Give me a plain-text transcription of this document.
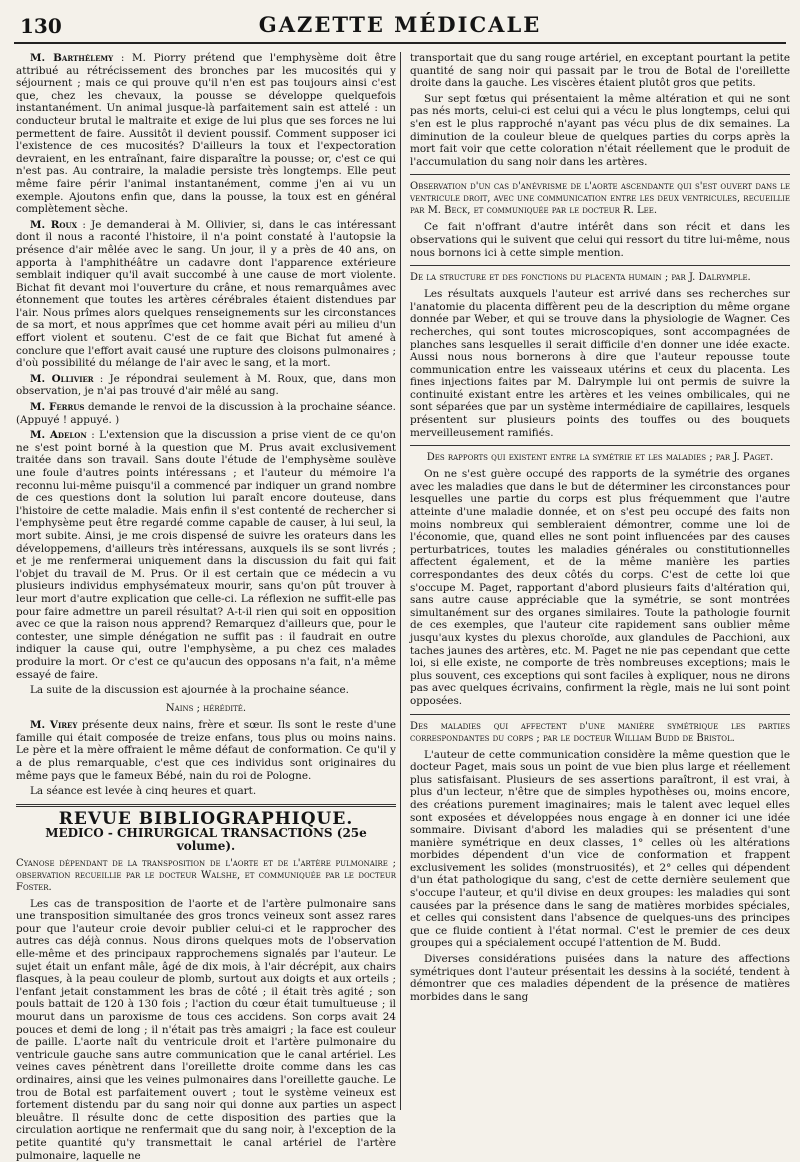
130	GAZETTE MÉDICALE

M. Barthélemy : M. Piorry prétend que l'emphysème doit être attribué au rétrécissement des bronches par les mucosités qui y séjournent ; mais ce qui prouve qu'il n'en est pas toujours ainsi c'est que, chez les chevaux, la pousse se développe quelquefois instantanément. Un animal jusque-là parfaitement sain est attelé : un conducteur brutal le maltraite et exige de lui plus que ses forces ne lui permettent de faire. Aussitôt il devient poussif. Comment supposer ici l'existence de ces mucosités? D'ailleurs la toux et l'expectoration devraient, en les entraînant, faire disparaître la pousse; or, c'est ce qui n'est pas. Au contraire, la maladie persiste très longtemps. Elle peut même faire périr l'animal instantanément, comme j'en ai vu un exemple. Ajoutons enfin que, dans la pousse, la toux est en général complètement sèche.

M. Roux : Je demanderai à M. Ollivier, si, dans le cas intéressant dont il nous a raconté l'histoire, il n'a point constaté à l'autopsie la présence d'air mêlée avec le sang. Un jour, il y a près de 40 ans, on apporta à l'amphithéâtre un cadavre dont l'apparence extérieure semblait indiquer qu'il avait succombé à une cause de mort violente. Bichat fit devant moi l'ouverture du crâne, et nous remarquâmes avec étonnement que toutes les artères cérébrales étaient distendues par l'air. Nous prîmes alors quelques renseignements sur les circonstances de sa mort, et nous apprîmes que cet homme avait péri au milieu d'un effort violent et soutenu. C'est de ce fait que Bichat fut amené à conclure que l'effort avait causé une rupture des cloisons pulmonaires ; d'où possibilité du mélange de l'air avec le sang, et la mort.

M. Ollivier : Je répondrai seulement à M. Roux, que, dans mon observation, je n'ai pas trouvé d'air mêlé au sang.

M. Ferrus demande le renvoi de la discussion à la prochaine séance. (Appuyé ! appuyé. )

M. Adelon : L'extension que la discussion a prise vient de ce qu'on ne s'est point borné à la question que M. Prus avait exclusivement traitée dans son travail. Sans doute l'étude de l'emphysème soulève une foule d'autres points intéressans ; et l'auteur du mémoire l'a reconnu lui-même puisqu'il a commencé par indiquer un grand nombre de ces questions dont la solution lui paraît encore douteuse, dans l'histoire de cette maladie. Mais enfin il s'est contenté de rechercher si l'emphysème peut être regardé comme capable de causer, à lui seul, la mort subite. Ainsi, je me crois dispensé de suivre les orateurs dans les développemens, d'ailleurs très intéressans, auxquels ils se sont livrés ; et je me renfermerai uniquement dans la discussion du fait qui fait l'objet du travail de M. Prus. Or il est certain que ce médecin a vu plusieurs individus emphysémateux mourir, sans qu'on pût trouver à leur mort d'autre explication que celle-ci. La réflexion ne suffit-elle pas pour faire admettre un pareil résultat? A-t-il rien qui soit en opposition avec ce que la raison nous apprend? Remarquez d'ailleurs que, pour le contester, une simple dénégation ne suffit pas : il faudrait en outre indiquer la cause qui, outre l'emphysème, a pu chez ces malades produire la mort. Or c'est ce qu'aucun des opposans n'a fait, n'a même essayé de faire.

La suite de la discussion est ajournée à la prochaine séance.

Nains ; hérédité.

M. Virey présente deux nains, frère et sœur. Ils sont le reste d'une famille qui était composée de treize enfans, tous plus ou moins nains. Le père et la mère offraient le même défaut de conformation. Ce qu'il y a de plus remarquable, c'est que ces individus sont originaires du même pays que le fameux Bébé, nain du roi de Pologne.

La séance est levée à cinq heures et quart.

REVUE BIBLIOGRAPHIQUE.

MEDICO - CHIRURGICAL TRANSACTIONS (25e volume).

Cyanose dépendant de la transposition de l'aorte et de l'artère pulmonaire ; observation recueillie par le docteur Walshe, et communiquée par le docteur Foster.

Les cas de transposition de l'aorte et de l'artère pulmonaire sans une transposition simultanée des gros troncs veineux sont assez rares pour que l'auteur croie devoir publier celui-ci et le rapprocher des autres cas déjà connus. Nous dirons quelques mots de l'observation elle-même et des principaux rapprochemens signalés par l'auteur. Le sujet était un enfant mâle, âgé de dix mois, à l'air décrépit, aux chairs flasques, à la peau couleur de plomb, surtout aux doigts et aux orteils ; l'enfant jetait constamment les bras de côté ; il était très agité ; son pouls battait de 120 à 130 fois ; l'action du cœur était tumultueuse ; il mourut dans un paroxisme de tous ces accidens. Son corps avait 24 pouces et demi de long ; il n'était pas très amaigri ; la face est couleur de paille. L'aorte naît du ventricule droit et l'artère pulmonaire du ventricule gauche sans autre communication que le canal artériel. Les veines caves pénètrent dans l'oreillette droite comme dans les cas ordinaires, ainsi que les veines pulmonaires dans l'oreillette gauche. Le trou de Botal est parfaitement ouvert ; tout le système veineux est fortement distendu par du sang noir qui donne aux parties un aspect bleuâtre. Il résulte donc de cette disposition des parties que la circulation aortique ne renfermait que du sang noir, à l'exception de la petite quantité qu'y transmettait le canal artériel de l'artère pulmonaire, laquelle ne

transportait que du sang rouge artériel, en exceptant pourtant la petite quantité de sang noir qui passait par le trou de Botal de l'oreillette droite dans la gauche. Les viscères étaient plutôt gros que petits.

Sur sept fœtus qui présentaient la même altération et qui ne sont pas nés morts, celui-ci est celui qui a vécu le plus longtemps, celui qui s'en est le plus rapproché n'ayant pas vécu plus de dix semaines. La diminution de la couleur bleue de quelques parties du corps après la mort fait voir que cette coloration n'était réellement que le produit de l'accumulation du sang noir dans les artères.

Observation d'un cas d'anévrisme de l'aorte ascendante qui s'est ouvert dans le ventricule droit, avec une communication entre les deux ventricules, recueillie par M. Beck, et communiquée par le docteur R. Lee.

Ce fait n'offrant d'autre intérêt dans son récit et dans les observations qui le suivent que celui qui ressort du titre lui-même, nous nous bornons ici à cette simple mention.

De la structure et des fonctions du placenta humain ; par J. Dalrymple.

Les résultats auxquels l'auteur est arrivé dans ses recherches sur l'anatomie du placenta diffèrent peu de la description du même organe donnée par Weber, et qui se trouve dans la physiologie de Wagner. Ces recherches, qui sont toutes microscopiques, sont accompagnées de planches sans lesquelles il serait difficile d'en donner une idée exacte. Aussi nous nous bornerons à dire que l'auteur repousse toute communication entre les vaisseaux utérins et ceux du placenta. Les fines injections faites par M. Dalrymple lui ont permis de suivre la continuité existant entre les artères et les veines ombilicales, qui ne sont séparées que par un système intermédiaire de capillaires, lesquels présentent sur plusieurs points des touffes ou des bouquets merveilleusement ramifiés.

Des rapports qui existent entre la symétrie et les maladies ; par J. Paget.

On ne s'est guère occupé des rapports de la symétrie des organes avec les maladies que dans le but de déterminer les circonstances pour lesquelles une partie du corps est plus fréquemment que l'autre atteinte d'une maladie donnée, et on s'est peu occupé des faits non moins nombreux qui sembleraient démontrer, comme une loi de l'économie, que, quand elles ne sont point influencées par des causes perturbatrices, toutes les maladies générales ou constitutionnelles affectent également, et de la même manière les parties correspondantes des deux côtés du corps. C'est de cette loi que s'occupe M. Paget, rapportant d'abord plusieurs faits d'altération qui, sans autre cause appréciable que la symétrie, se sont montrées simultanément sur des organes similaires. Toute la pathologie fournit de ces exemples, que l'auteur cite rapidement sans oublier même jusqu'aux kystes du plexus choroïde, aux glandules de Pacchioni, aux taches jaunes des artères, etc. M. Paget ne nie pas cependant que cette loi, si elle existe, ne comporte de très nombreuses exceptions; mais le plus souvent, ces exceptions qui sont faciles à expliquer, nous ne dirons pas avec quelques écrivains, confirment la règle, mais ne lui sont point opposées.

Des maladies qui affectent d'une manière symétrique les parties correspondantes du corps ; par le docteur William Budd de Bristol.

L'auteur de cette communication considère la même question que le docteur Paget, mais sous un point de vue bien plus large et réellement plus satisfaisant. Plusieurs de ses assertions paraîtront, il est vrai, à plus d'un lecteur, n'être que de simples hypothèses ou, moins encore, des créations purement imaginaires; mais le talent avec lequel elles sont exposées et développées nous engage à en donner ici une idée sommaire. Divisant d'abord les maladies qui se présentent d'une manière symétrique en deux classes, 1° celles où les altérations morbides dépendent d'un vice de conformation et frappent exclusivement les solides (monstruosités), et 2° celles qui dépendent d'un état pathologique du sang, c'est de cette dernière seulement que s'occupe l'auteur, et qu'il divise en deux groupes: les maladies qui sont causées par la présence dans le sang de matières morbides spéciales, et celles qui consistent dans l'absence de quelques-uns des principes que ce fluide contient à l'état normal. C'est le premier de ces deux groupes qui a spécialement occupé l'attention de M. Budd.

Diverses considérations puisées dans la nature des affections symétriques dont l'auteur présentait les dessins à la société, tendent à démontrer que ces maladies dépendent de la présence de matières morbides dans le sang
